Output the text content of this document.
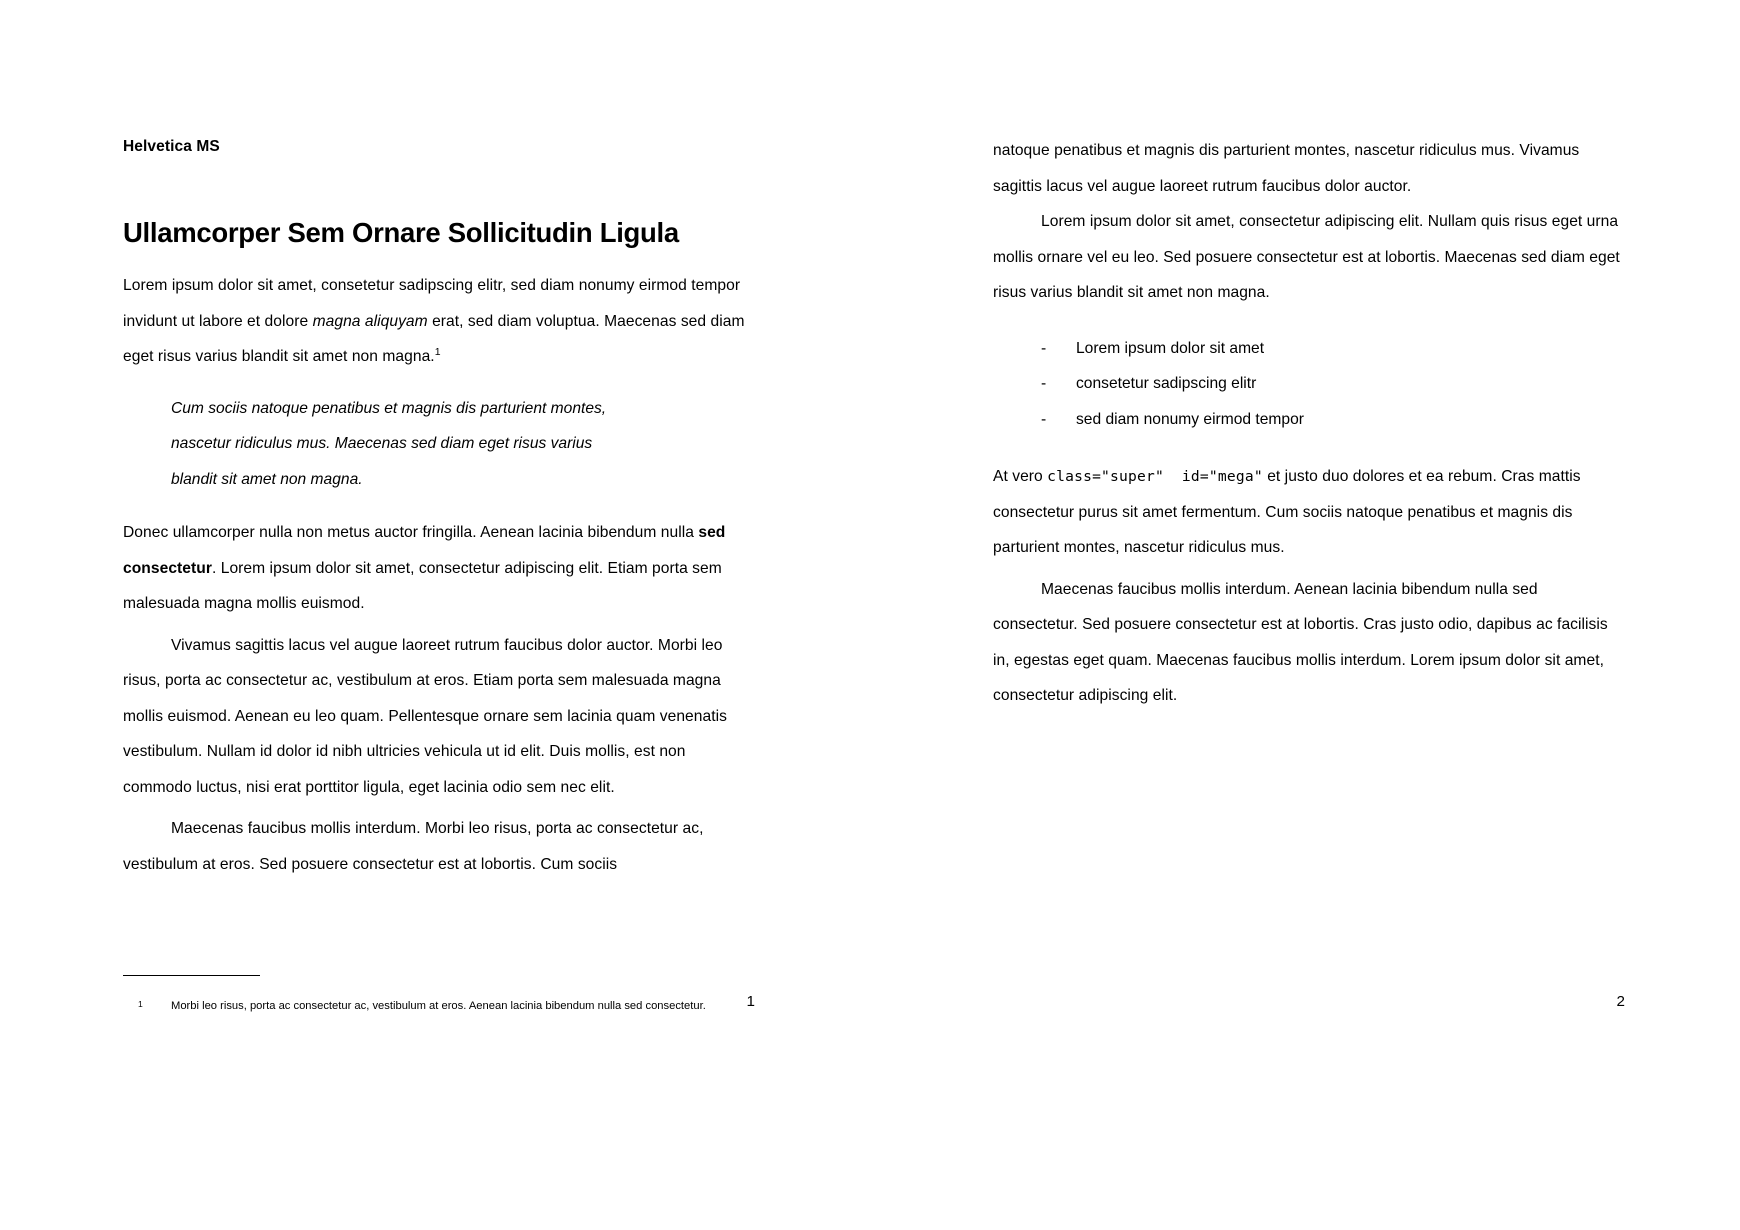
Helvetica MS
Ullamcorper Sem Ornare Sollicitudin Ligula

Lorem ipsum dolor sit amet, consetetur sadipscing elitr, sed diam nonumy eirmod tempor invidunt ut labore et dolore magna aliquyam erat, sed diam voluptua. Maecenas sed diam eget risus varius blandit sit amet non magna.$^1$

Cum sociis natoque penatibus et magnis dis parturient montes, nascetur ridiculus mus. Maecenas sed diam eget risus varius blandit sit amet non magna.

Donec ullamcorper nulla non metus auctor fringilla. Aenean lacinia bibendum nulla sed consectetur. Lorem ipsum dolor sit amet, consectetur adipiscing elit. Etiam porta sem malesuada magna mollis euismod.

Vivamus sagittis lacus vel augue laoreet rutrum faucibus dolor auctor. Morbi leo risus, porta ac consectetur ac, vestibulum at eros. Etiam porta sem malesuada magna mollis euismod. Aenean eu leo quam. Pellentesque ornare sem lacinia quam venenatis vestibulum. Nullam id dolor id nibh ultricies vehicula ut id elit. Duis mollis, est non commodo luctus, nisi erat porttitor ligula, eget lacinia odio sem nec elit.

Maecenas faucibus mollis interdum. Morbi leo risus, porta ac consectetur ac, vestibulum at eros. Sed posuere consectetur est at lobortis. Cum sociis

1	Morbi leo risus, porta ac consectetur ac, vestibulum at eros. Aenean lacinia bibendum nulla sed consectetur.	1

natoque penatibus et magnis dis parturient montes, nascetur ridiculus mus. Vivamus sagittis lacus vel augue laoreet rutrum faucibus dolor auctor.

Lorem ipsum dolor sit amet, consectetur adipiscing elit. Nullam quis risus eget urna mollis ornare vel eu leo. Sed posuere consectetur est at lobortis. Maecenas sed diam eget risus varius blandit sit amet non magna.

- Lorem ipsum dolor sit amet
- consetetur sadipscing elitr
- sed diam nonumy eirmod tempor

At vero class="super"  id="mega" et justo duo dolores et ea rebum. Cras mattis consectetur purus sit amet fermentum. Cum sociis natoque penatibus et magnis dis parturient montes, nascetur ridiculus mus.

Maecenas faucibus mollis interdum. Aenean lacinia bibendum nulla sed consectetur. Sed posuere consectetur est at lobortis. Cras justo odio, dapibus ac facilisis in, egestas eget quam. Maecenas faucibus mollis interdum. Lorem ipsum dolor sit amet, consectetur adipiscing elit.

2
